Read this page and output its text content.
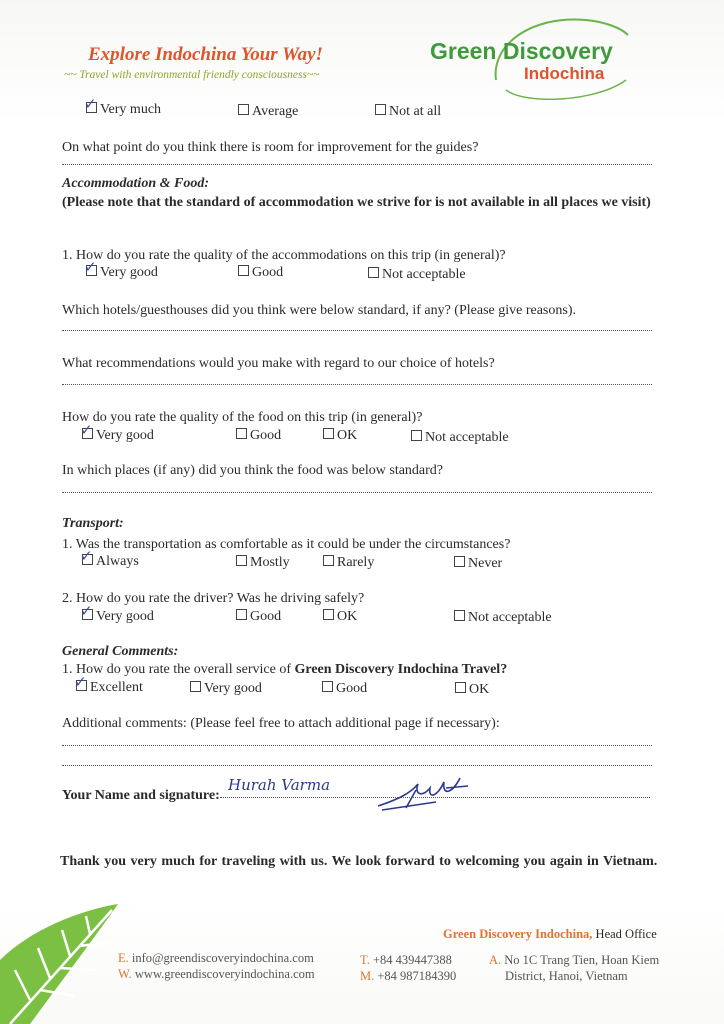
Explore Indochina Your Way!
~~ Travel with environmental friendly consciousness~~
Green Discovery
Indochina
✓ Very much	Average	Not at all
On what point do you think there is room for improvement for the guides?
Accommodation & Food:
(Please note that the standard of accommodation we strive for is not available in all places we visit)
1. How do you rate the quality of the accommodations on this trip (in general)?
✓ Very good	Good	Not acceptable
Which hotels/guesthouses did you think were below standard, if any? (Please give reasons).
What recommendations would you make with regard to our choice of hotels?
How do you rate the quality of the food on this trip (in general)?
✓ Very good	Good	OK	Not acceptable
In which places (if any) did you think the food was below standard?
Transport:
1. Was the transportation as comfortable as it could be under the circumstances?
✓ Always	Mostly	Rarely	Never
2. How do you rate the driver? Was he driving safely?
✓ Very good	Good	OK	Not acceptable
General Comments:
1. How do you rate the overall service of Green Discovery Indochina Travel?
✓ Excellent	Very good	Good	OK
Additional comments: (Please feel free to attach additional page if necessary):
Your Name and signature:
Hurah Varma
Thank you very much for traveling with us. We look forward to welcoming you again in Vietnam.
Green Discovery Indochina, Head Office
E. info@greendiscoveryindochina.com
W. www.greendiscoveryindochina.com
T. +84 439447388
M. +84 987184390
A. No 1C Trang Tien, Hoan Kiem
District, Hanoi, Vietnam
